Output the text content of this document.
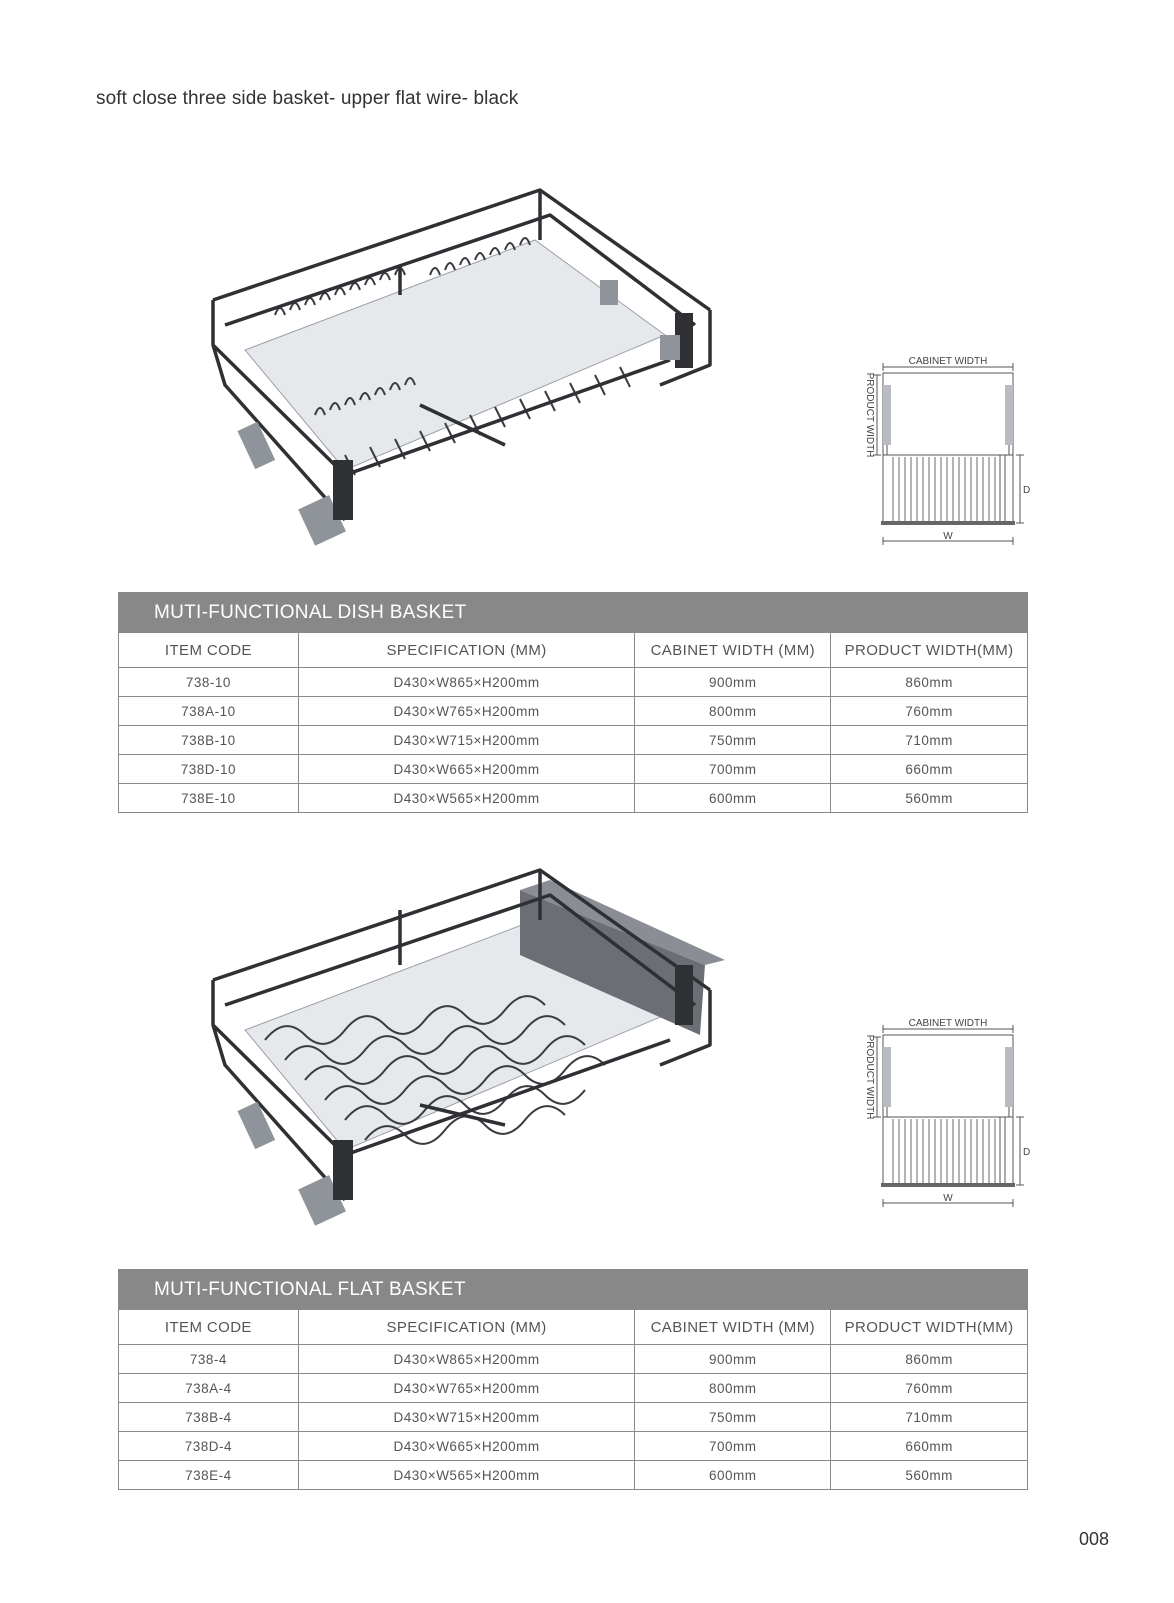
soft close three side basket- upper flat wire- black
CABINET WIDTH
PRODUCT WIDTH
D
W
MUTI-FUNCTIONAL DISH BASKET			
ITEM CODE	SPECIFICATION (MM)	CABINET WIDTH (MM)	PRODUCT WIDTH(MM)
738-10	D430×W865×H200mm	900mm	860mm
738A-10	D430×W765×H200mm	800mm	760mm
738B-10	D430×W715×H200mm	750mm	710mm
738D-10	D430×W665×H200mm	700mm	660mm
738E-10	D430×W565×H200mm	600mm	560mm
CABINET WIDTH
PRODUCT WIDTH
D
W
MUTI-FUNCTIONAL FLAT BASKET			
ITEM CODE	SPECIFICATION (MM)	CABINET WIDTH (MM)	PRODUCT WIDTH(MM)
738-4	D430×W865×H200mm	900mm	860mm
738A-4	D430×W765×H200mm	800mm	760mm
738B-4	D430×W715×H200mm	750mm	710mm
738D-4	D430×W665×H200mm	700mm	660mm
738E-4	D430×W565×H200mm	600mm	560mm
008
